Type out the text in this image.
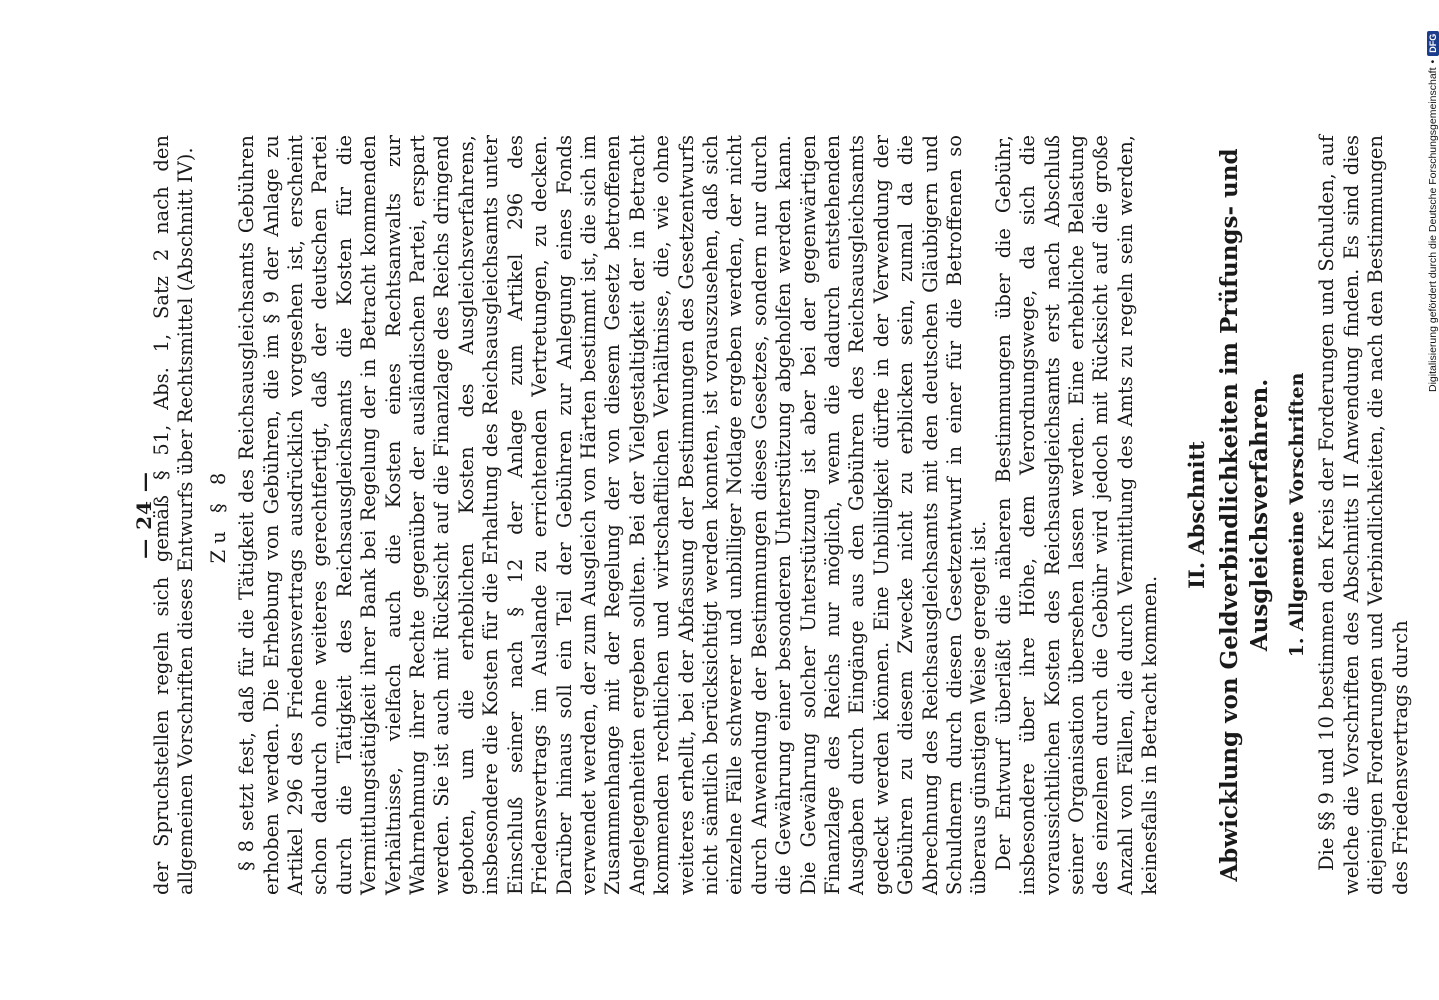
— 24 —

der Spruchstellen regeln sich gemäß § 51, Abs. 1, Satz 2 nach den allgemeinen Vorschriften dieses Entwurfs über Rechtsmittel (Abschnitt IV). Zu § 8 § 8 setzt fest, daß für die Tätigkeit des Reichsausgleichsamts Gebühren erhoben werden. Die Erhebung von Gebühren, die im § 9 der Anlage zu Artikel 296 des Friedensvertrags ausdrücklich vorgesehen ist, erscheint schon dadurch ohne weiteres gerechtfertigt, daß der deutschen Partei durch die Tätigkeit des Reichsausgleichsamts die Kosten für die Vermittlungstätigkeit ihrer Bank bei Regelung der in Betracht kommenden Verhältnisse, vielfach auch die Kosten eines Rechtsanwalts zur Wahrnehmung ihrer Rechte gegenüber der ausländischen Partei, erspart werden. Sie ist auch mit Rücksicht auf die Finanzlage des Reichs dringend geboten, um die erheblichen Kosten des Ausgleichsverfahrens, insbesondere die Kosten für die Erhaltung des Reichsausgleichsamts unter Einschluß seiner nach § 12 der Anlage zum Artikel 296 des Friedensvertrags im Auslande zu errichtenden Vertretungen, zu decken. Darüber hinaus soll ein Teil der Gebühren zur Anlegung eines Fonds verwendet werden, der zum Ausgleich von Härten bestimmt ist, die sich im Zusammenhange mit der Regelung der von diesem Gesetz betroffenen Angelegenheiten ergeben sollten. Bei der Vielgestaltigkeit der in Betracht kommenden rechtlichen und wirtschaftlichen Verhältnisse, die, wie ohne weiteres erhellt, bei der Abfassung der Bestimmungen des Gesetzentwurfs nicht sämtlich berücksichtigt werden konnten, ist vorauszusehen, daß sich einzelne Fälle schwerer und unbilliger Notlage ergeben werden, der nicht durch Anwendung der Bestimmungen dieses Gesetzes, sondern nur durch die Gewährung einer besonderen Unterstützung abgeholfen werden kann. Die Gewährung solcher Unterstützung ist aber bei der gegenwärtigen Finanzlage des Reichs nur möglich, wenn die dadurch entstehenden Ausgaben durch Eingänge aus den Gebühren des Reichsausgleichsamts gedeckt werden können. Eine Unbilligkeit dürfte in der Verwendung der Gebühren zu diesem Zwecke nicht zu erblicken sein, zumal da die Abrechnung des Reichsausgleichsamts mit den deutschen Gläubigern und Schuldnern durch diesen Gesetzentwurf in einer für die Betroffenen so überaus günstigen Weise geregelt ist. Der Entwurf überläßt die näheren Bestimmungen über die Gebühr, insbesondere über ihre Höhe, dem Verordnungswege, da sich die voraussichtlichen Kosten des Reichsausgleichsamts erst nach Abschluß seiner Organisation übersehen lassen werden. Eine erhebliche Belastung des einzelnen durch die Gebühr wird jedoch mit Rücksicht auf die große Anzahl von Fällen, die durch Vermittlung des Amts zu regeln sein werden, keinesfalls in Betracht kommen.

II. Abschnitt Abwicklung von Geldverbindlichkeiten im Prüfungs- und Ausgleichsverfahren. 1. Allgemeine Vorschriften Die §§ 9 und 10 bestimmen den Kreis der Forderungen und Schulden, auf welche die Vorschriften des Abschnitts II Anwendung finden. Es sind dies diejenigen Forderungen und Verbindlichkeiten, die nach den Bestimmungen des Friedensvertrags durch

Digitalisierung gefördert durch die Deutsche Forschungsgemeinschaft
•
DFG
